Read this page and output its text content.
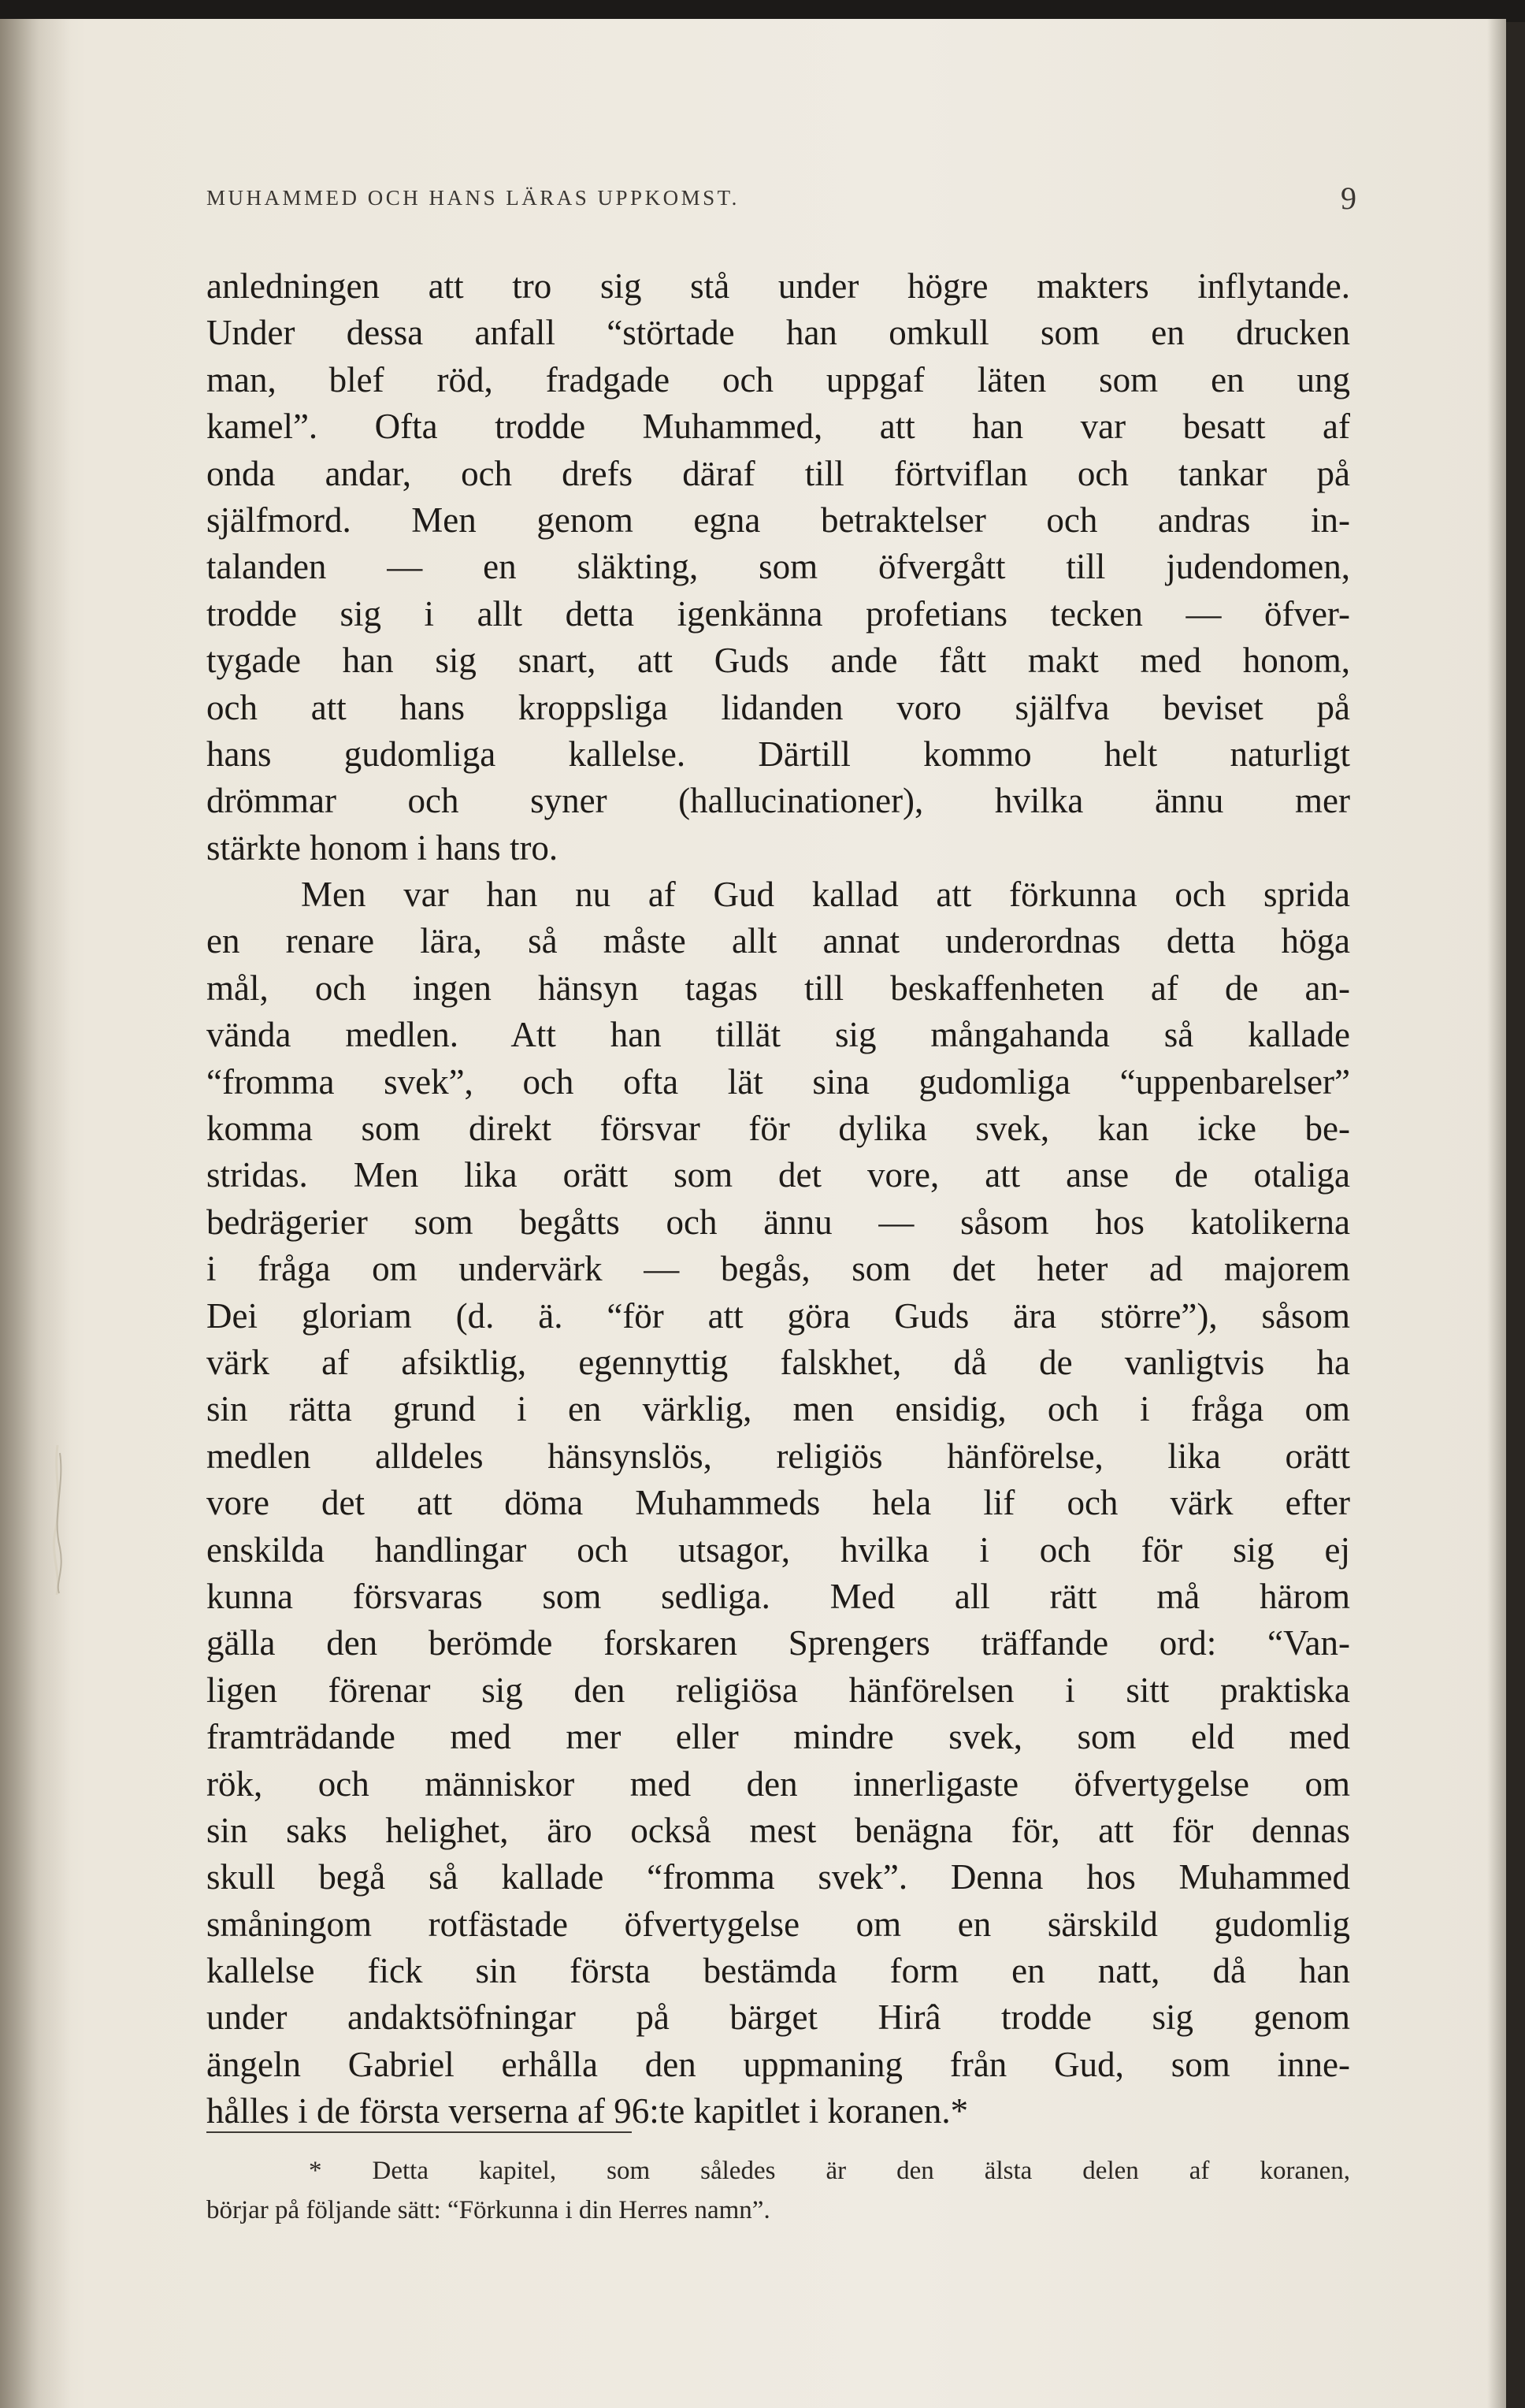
MUHAMMED OCH HANS LÄRAS UPPKOMST.	9
anledningen att tro sig stå under högre makters inflytande.
Under dessa anfall “störtade han omkull som en drucken
man, blef röd, fradgade och uppgaf läten som en ung
kamel”. Ofta trodde Muhammed, att han var besatt af
onda andar, och drefs däraf till förtviflan och tankar på
själfmord. Men genom egna betraktelser och andras in-
talanden — en släkting, som öfvergått till judendomen,
trodde sig i allt detta igenkänna profetians tecken — öfver-
tygade han sig snart, att Guds ande fått makt med honom,
och att hans kroppsliga lidanden voro själfva beviset på
hans gudomliga kallelse. Därtill kommo helt naturligt
drömmar och syner (hallucinationer), hvilka ännu mer
stärkte honom i hans tro.
Men var han nu af Gud kallad att förkunna och sprida
en renare lära, så måste allt annat underordnas detta höga
mål, och ingen hänsyn tagas till beskaffenheten af de an-
vända medlen. Att han tillät sig mångahanda så kallade
“fromma svek”, och ofta lät sina gudomliga “uppenbarelser”
komma som direkt försvar för dylika svek, kan icke be-
stridas. Men lika orätt som det vore, att anse de otaliga
bedrägerier som begåtts och ännu — såsom hos katolikerna
i fråga om undervärk — begås, som det heter ad majorem
Dei gloriam (d. ä. “för att göra Guds ära större”), såsom
värk af afsiktlig, egennyttig falskhet, då de vanligtvis ha
sin rätta grund i en värklig, men ensidig, och i fråga om
medlen alldeles hänsynslös, religiös hänförelse, lika orätt
vore det att döma Muhammeds hela lif och värk efter
enskilda handlingar och utsagor, hvilka i och för sig ej
kunna försvaras som sedliga. Med all rätt må härom
gälla den berömde forskaren Sprengers träffande ord: “Van-
ligen förenar sig den religiösa hänförelsen i sitt praktiska
framträdande med mer eller mindre svek, som eld med
rök, och människor med den innerligaste öfvertygelse om
sin saks helighet, äro också mest benägna för, att för dennas
skull begå så kallade “fromma svek”. Denna hos Muhammed
småningom rotfästade öfvertygelse om en särskild gudomlig
kallelse fick sin första bestämda form en natt, då han
under andaktsöfningar på bärget Hirâ trodde sig genom
ängeln Gabriel erhålla den uppmaning från Gud, som inne-
hålles i de första verserna af 96:te kapitlet i koranen.*
* Detta kapitel, som således är den älsta delen af koranen,
börjar på följande sätt: “Förkunna i din Herres namn”.
